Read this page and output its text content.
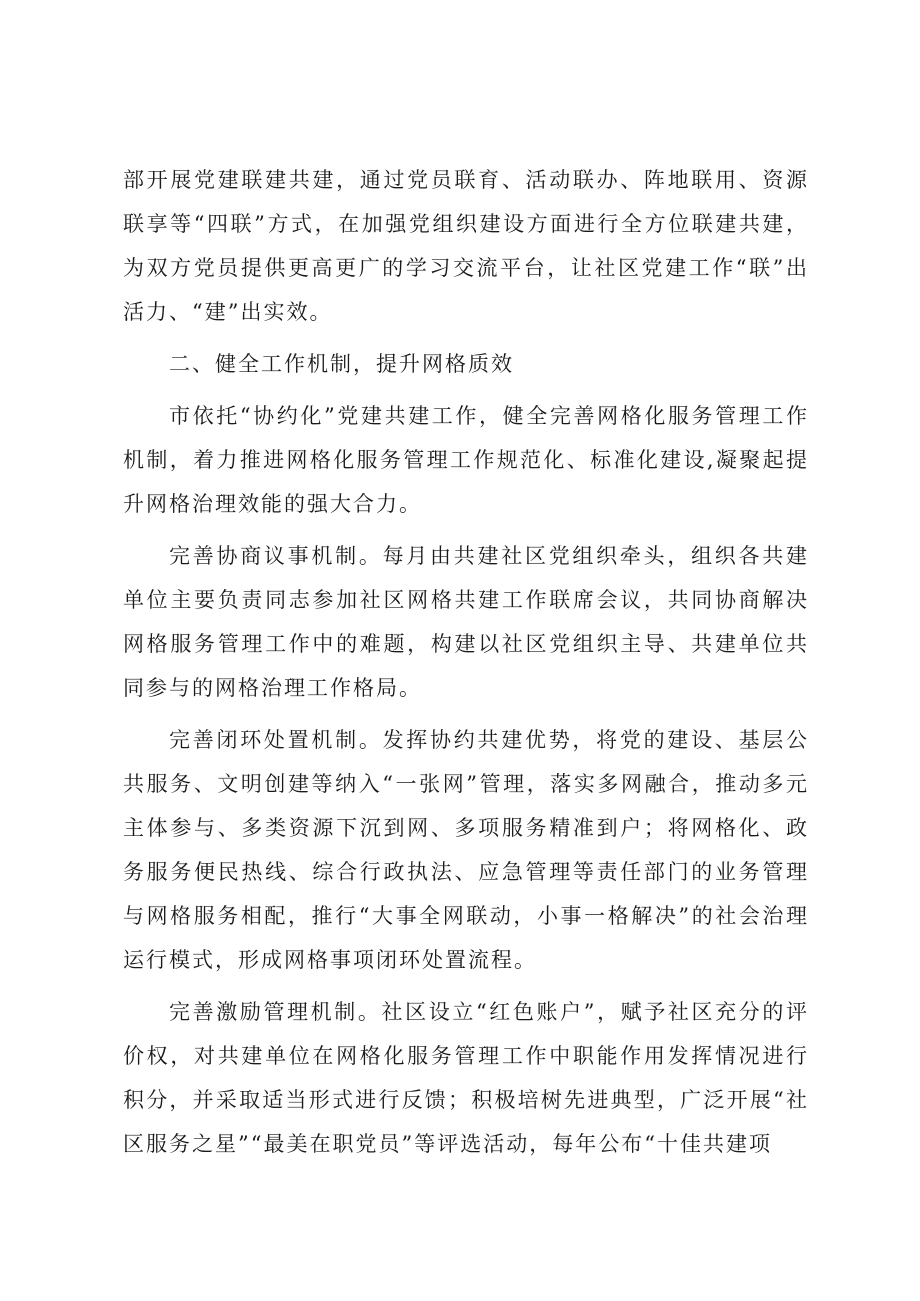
部开展党建联建共建，通过党员联育、活动联办、阵地联用、资源联享等“四联”方式，在加强党组织建设方面进行全方位联建共建，为双方党员提供更高更广的学习交流平台，让社区党建工作“联”出活力、“建”出实效。

二、健全工作机制，提升网格质效

市依托“协约化”党建共建工作，健全完善网格化服务管理工作机制，着力推进网格化服务管理工作规范化、标准化建设,凝聚起提升网格治理效能的强大合力。

完善协商议事机制。每月由共建社区党组织牵头，组织各共建单位主要负责同志参加社区网格共建工作联席会议，共同协商解决网格服务管理工作中的难题，构建以社区党组织主导、共建单位共同参与的网格治理工作格局。

完善闭环处置机制。发挥协约共建优势，将党的建设、基层公共服务、文明创建等纳入“一张网”管理，落实多网融合，推动多元主体参与、多类资源下沉到网、多项服务精准到户；将网格化、政务服务便民热线、综合行政执法、应急管理等责任部门的业务管理与网格服务相配，推行“大事全网联动，小事一格解决”的社会治理运行模式，形成网格事项闭环处置流程。

完善激励管理机制。社区设立“红色账户”，赋予社区充分的评价权，对共建单位在网格化服务管理工作中职能作用发挥情况进行积分，并采取适当形式进行反馈；积极培树先进典型，广泛开展“社区服务之星”“最美在职党员”等评选活动，每年公布“十佳共建项
